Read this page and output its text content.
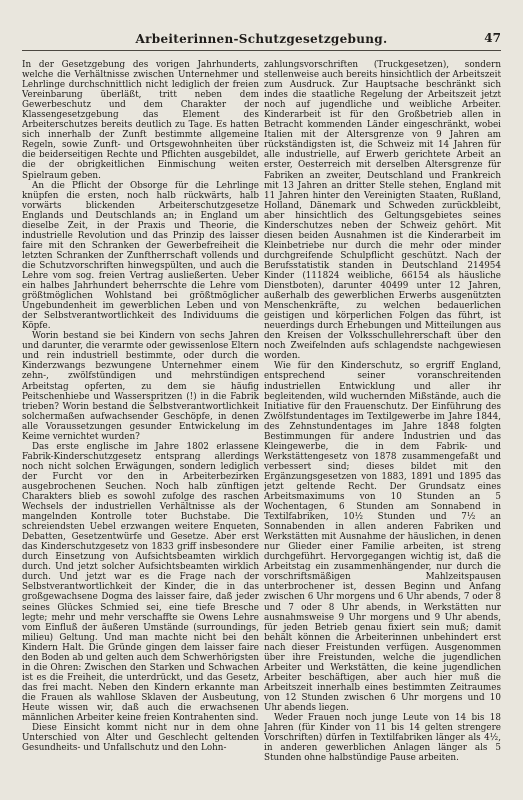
Arbeiterinnen-Schutzgesetzgebung.	47

In der Gesetzgebung des vorigen Jahrhunderts, welche die Verhältnisse zwischen Unternehmer und Lehrlinge durchschnittlich nicht lediglich der freien Vereinbarung überläßt, tritt neben dem Gewerbeschutz und dem Charakter der Klassengesetzgebung das Element des Arbeiterschutzes bereits deutlich zu Tage. Es hatten sich innerhalb der Zunft bestimmte allgemeine Regeln, sowie Zunft- und Ortsgewohnheiten über die beiderseitigen Rechte und Pflichten ausgebildet, die der obrigkeitlichen Einmischung weiten Spielraum geben.

An die Pflicht der Obsorge für die Lehrlinge knüpfen die ersten, noch halb rückwärts, halb vorwärts blickenden Arbeiterschutzgesetze Englands und Deutschlands an; in England um dieselbe Zeit, in der Praxis und Theorie, die industrielle Revolution und das Prinzip des laisser faire mit den Schranken der Gewerbefreiheit die letzten Schranken der Zunftherrschaft vollends und die Schutzvorschriften hinwegspülten, und auch die Lehre vom sog. freien Vertrag ausließerten. Ueber ein halbes Jahrhundert beherrschte die Lehre vom größtmöglichen Wohlstand bei größtmöglicher Ungebundenheit im gewerblichen Leben und von der Selbstverantwortlichkeit des Individuums die Köpfe.

Worin bestand sie bei Kindern von sechs Jahren und darunter, die verarmte oder gewissenlose Eltern und rein industriell bestimmte, oder durch die Kinderzwangs bezwungene Unternehmer einem zehn-, zwölfstündigen und mehrstündigen Arbeitstag opferten, zu dem sie häufig Peitschenhiebe und Wasserspritzen (!) in die Fabrik trieben? Worin bestand die Selbstverantwortlichkeit solchermaßen aufwachsender Geschöpfe, in denen alle Voraussetzungen gesunder Entwickelung im Keime vernichtet wurden?

Das erste englische im Jahre 1802 erlassene Fabrik-Kinderschutzgesetz entsprang allerdings noch nicht solchen Erwägungen, sondern lediglich der Furcht vor den in Arbeiterbezirken ausgebrochenen Seuchen. Noch halb zünftigen Charakters blieb es sowohl zufolge des raschen Wechsels der industriellen Verhältnisse als der mangelnden Kontrolle toter Buchstabe. Die schreiendsten Uebel erzwangen weitere Enqueten, Debatten, Gesetzentwürfe und Gesetze. Aber erst das Kinderschutzgesetz von 1833 griff insbesondere durch Einsetzung von Aufsichtsbeamten wirklich durch. Und jetzt solcher Aufsichtsbeamten wirklich durch. Und jetzt war es die Frage nach der Selbstverantwortlichkeit der Kinder, die in das großgewachsene Dogma des laisser faire, daß jeder seines Glückes Schmied sei, eine tiefe Bresche legte; mehr und mehr verschaffte sie Owens Lehre vom Einfluß der äußeren Umstände (surroundings, milieu) Geltung. Und man machte nicht bei den Kindern Halt. Die Gründe gingen dem laisser faire den Boden ab und gelten auch dem Schwerhörigsten in die Ohren: Zwischen den Starken und Schwachen ist es die Freiheit, die unterdrückt, und das Gesetz, das frei macht. Neben den Kindern erkannte man die Frauen als wahllose Sklaven der Ausbeutung, Heute wissen wir, daß auch die erwachsenen männlichen Arbeiter keine freien Kontrahenten sind.

Diese Einsicht kommt nicht nur in dem ohne Unterschied von Alter und Geschlecht geltenden Gesundheits- und Unfallschutz und den Lohn-

zahlungsvorschriften (Truckgesetzen), sondern stellenweise auch bereits hinsichtlich der Arbeitszeit zum Ausdruck. Zur Hauptsache beschränkt sich indes die staatliche Regelung der Arbeitszeit jetzt noch auf jugendliche und weibliche Arbeiter. Kinderarbeit ist für den Großbetrieb allen in Betracht kommenden Länder eingeschränkt, wobei Italien mit der Altersgrenze von 9 Jahren am rückständigsten ist, die Schweiz mit 14 Jahren für alle industrielle, auf Erwerb gerichtete Arbeit an erster, Oesterreich mit derselben Altersgrenze für Fabriken an zweiter, Deutschland und Frankreich mit 13 Jahren an dritter Stelle stehen, England mit 11 Jahren hinter den Vereinigten Staaten, Rußland, Holland, Dänemark und Schweden zurückbleibt, aber hinsichtlich des Geltungsgebietes seines Kinderschutzes neben der Schweiz gehört. Mit diesen beiden Ausnahmen ist die Kinderarbeit im Kleinbetriebe nur durch die mehr oder minder durchgreifende Schulpflicht geschützt. Nach der Berufsstatistik standen in Deutschland 214954 Kinder (111824 weibliche, 66154 als häusliche Dienstboten), darunter 40499 unter 12 Jahren, außerhalb des gewerblichen Erwerbs ausgenützten Menschenkräfte, zu welchen bedauerlichen geistigen und körperlichen Folgen das führt, ist neuerdings durch Erhebungen und Mitteilungen aus den Kreisen der Volksschullehrerschaft über den noch Zweifelnden aufs schlagendste nachgewiesen worden.

Wie für den Kinderschutz, so ergriff England, entsprechend seiner voranschreitenden industriellen Entwicklung und aller ihr begleitenden, wild wuchernden Mißstände, auch die Initiative für den Frauenschutz. Der Einführung des Zwölfstundentages im Textilgewerbe im Jahre 1844, des Zehnstundentages im Jahre 1848 folgten Bestimmungen für andere Industrien und das Kleingewerbe, die in dem Fabrik- und Werkstättengesetz von 1878 zusammengefaßt und verbessert sind; dieses bildet mit den Ergänzungsgesetzen von 1883, 1891 und 1895 das jetzt geltende Recht. Der Grundsatz eines Arbeitsmaximums von 10 Stunden an 5 Wochentagen, 6 Stunden am Sonnabend in Textilfabriken, 10½ Stunden und 7½ an Sonnabenden in allen anderen Fabriken und Werkstätten mit Ausnahme der häuslichen, in denen nur Glieder einer Familie arbeiten, ist streng durchgeführt. Hervorgegangen wichtig ist, daß die Arbeitstag ein zusammenhängender, nur durch die vorschriftsmäßigen Mahlzeitspausen unterbrochener ist, dessen Beginn und Anfang zwischen 6 Uhr morgens und 6 Uhr abends, 7 oder 8 und 7 oder 8 Uhr abends, in Werkstätten nur ausnahmsweise 9 Uhr morgens und 9 Uhr abends, für jeden Betrieb genau fixiert sein muß; damit behält können die Arbeiterinnen unbehindert erst nach dieser Freistunden verfügen. Ausgenommen über ihre Freistunden, welche die jugendlichen Arbeiter und Werkstätten, die keine jugendlichen Arbeiter beschäftigen, aber auch hier muß die Arbeitszeit innerhalb eines bestimmten Zeitraumes von 12 Stunden zwischen 6 Uhr morgens und 10 Uhr abends liegen.

Weder Frauen noch junge Leute von 14 bis 18 Jahren (für Kinder von 11 bis 14 gelten strengere Vorschriften) dürfen in Textilfabriken länger als 4½, in anderen gewerblichen Anlagen länger als 5 Stunden ohne halbstündige Pause arbeiten.
